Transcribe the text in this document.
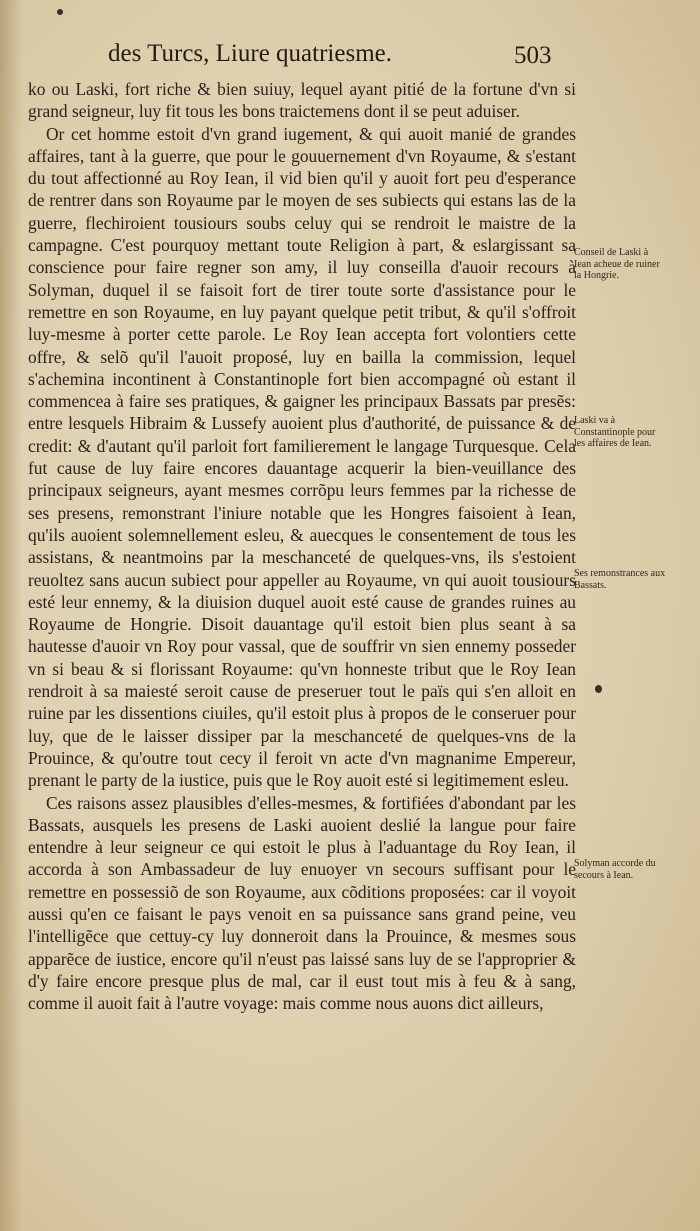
des Turcs, Liure quatriesme.	503

ko ou Laski, fort riche & bien suiuy, lequel ayant pitié de la fortune d'vn si grand seigneur, luy fit tous les bons traictemens dont il se peut aduiser.

Or cet homme estoit d'vn grand iugement, & qui auoit manié de grandes affaires, tant à la guerre, que pour le gouuernement d'vn Royaume, & s'estant du tout affectionné au Roy Iean, il vid bien qu'il y auoit fort peu d'esperance de rentrer dans son Royaume par le moyen de ses subiects qui estans las de la guerre, flechiroient tousiours soubs celuy qui se rendroit le maistre de la campagne. C'est pourquoy mettant toute Religion à part, & eslargissant sa conscience pour faire regner son amy, il luy conseilla d'auoir recours à Solyman, duquel il se faisoit fort de tirer toute sorte d'assistance pour le remettre en son Royaume, en luy payant quelque petit tribut, & qu'il s'offroit luy-mesme à porter cette parole. Le Roy Iean accepta fort volontiers cette offre, & selõ qu'il l'auoit proposé, luy en bailla la commission, lequel s'achemina incontinent à Constantinople fort bien accompagné où estant il commencea à faire ses pratiques, & gaigner les principaux Bassats par presẽs: entre lesquels Hibraim & Lussefy auoient plus d'authorité, de puissance & de credit: & d'autant qu'il parloit fort familierement le langage Turquesque. Cela fut cause de luy faire encores dauantage acquerir la bien-veuillance des principaux seigneurs, ayant mesmes corrõpu leurs femmes par la richesse de ses presens, remonstrant l'iniure notable que les Hongres faisoient à Iean, qu'ils auoient solemnellement esleu, & auecques le consentement de tous les assistans, & neantmoins par la meschanceté de quelques-vns, ils s'estoient reuoltez sans aucun subiect pour appeller au Royaume, vn qui auoit tousiours esté leur ennemy, & la diuision duquel auoit esté cause de grandes ruines au Royaume de Hongrie. Disoit dauantage qu'il estoit bien plus seant à sa hautesse d'auoir vn Roy pour vassal, que de souffrir vn sien ennemy posseder vn si beau & si florissant Royaume: qu'vn honneste tribut que le Roy Iean rendroit à sa maiesté seroit cause de preseruer tout le païs qui s'en alloit en ruine par les dissentions ciuiles, qu'il estoit plus à propos de le conseruer pour luy, que de le laisser dissiper par la meschanceté de quelques-vns de la Prouince, & qu'outre tout cecy il feroit vn acte d'vn magnanime Empereur, prenant le party de la iustice, puis que le Roy auoit esté si legitimement esleu.

Ces raisons assez plausibles d'elles-mesmes, & fortifiées d'abondant par les Bassats, ausquels les presens de Laski auoient deslié la langue pour faire entendre à leur seigneur ce qui estoit le plus à l'aduantage du Roy Iean, il accorda à son Ambassadeur de luy enuoyer vn secours suffisant pour le remettre en possessiõ de son Royaume, aux cõditions proposées: car il voyoit aussi qu'en ce faisant le pays venoit en sa puissance sans grand peine, veu l'intelligẽce que cettuy-cy luy donneroit dans la Prouince, & mesmes sous apparẽce de iustice, encore qu'il n'eust pas laissé sans luy de se l'approprier & d'y faire encore presque plus de mal, car il eust tout mis à feu & à sang, comme il auoit fait à l'autre voyage: mais comme nous auons dict ailleurs,

Conseil de Laski à Iean acheue de ruiner la Hongrie.
Laski va à Constantinople pour les affaires de Iean.
Ses remonstrances aux Bassats.
Solyman accorde du secours à Iean.
